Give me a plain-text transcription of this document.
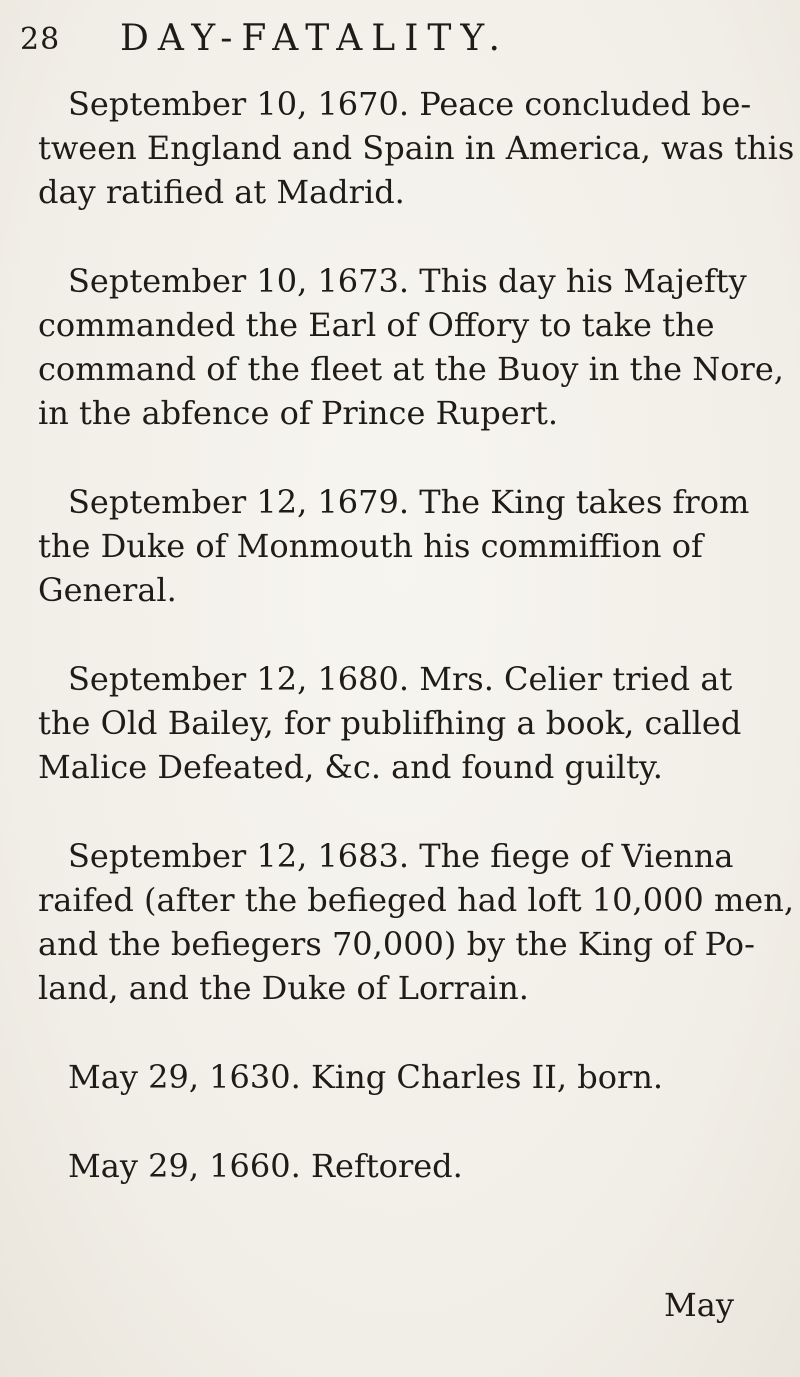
28 DAY-FATALITY.
September 10, 1670. Peace concluded be-
tween England and Spain in America, was this
day ratified at Madrid.
September 10, 1673. This day his Majefty
commanded the Earl of Offory to take the
command of the fleet at the Buoy in the Nore,
in the abfence of Prince Rupert.
September 12, 1679. The King takes from
the Duke of Monmouth his commiffion of
General.
September 12, 1680. Mrs. Celier tried at
the Old Bailey, for publifhing a book, called
Malice Defeated, &c. and found guilty.
September 12, 1683. The fiege of Vienna
raifed (after the befieged had loft 10,000 men,
and the befiegers 70,000) by the King of Po-
land, and the Duke of Lorrain.
May 29, 1630. King Charles II, born.
May 29, 1660. Reftored.
May
